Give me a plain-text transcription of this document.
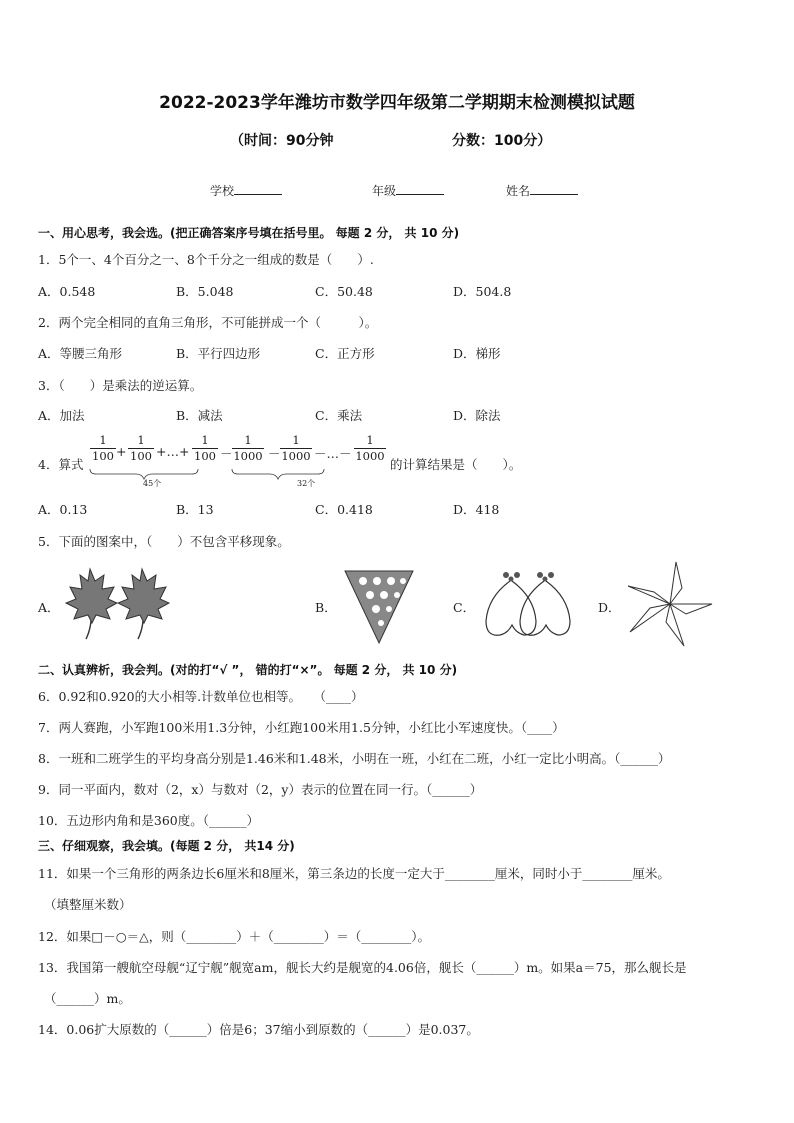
2022-2023学年潍坊市数学四年级第二学期期末检测模拟试题
（时间：90分钟	分数：100分）
学校	年级	姓名
一、用心思考，我会选。(把正确答案序号填在括号里。 每题 2 分， 共 10 分)
1．5个一、4个百分之一、8个千分之一组成的数是（　　）.
A．0.548	B．5.048	C．50.48	D．504.8
2．两个完全相同的直角三角形，不可能拼成一个（　　　）。
A．等腰三角形	B．平行四边形	C．正方形	D．梯形
3．（　　）是乘法的逆运算。
A．加法	B．减法	C．乘法	D．除法
4．算式
1
100 +
1
100 +…+
1
100 －
1
1000 －
1
1000 －…－
1
1000
的计算结果是（　　）。
45个	32个
A．0.13	B．13	C．0.418	D．418
5．下面的图案中，（　　）不包含平移现象。
A．	B．	C．	D．
二、认真辨析，我会判。(对的打“√ ”， 错的打“×”。 每题 2 分， 共 10 分)
6．0.92和0.920的大小相等.计数单位也相等。　　（____）
7．两人赛跑，小军跑100米用1.3分钟，小红跑100米用1.5分钟，小红比小军速度快。（____）
8．一班和二班学生的平均身高分别是1.46米和1.48米，小明在一班，小红在二班，小红一定比小明高。（______）
9．同一平面内，数对（2，x）与数对（2，y）表示的位置在同一行。（______）
10．五边形内角和是360度。（______）
三、仔细观察，我会填。(每题 2 分， 共14 分)
11．如果一个三角形的两条边长6厘米和8厘米，第三条边的长度一定大于________厘米，同时小于________厘米。
（填整厘米数）
12．如果□－○＝△，则（________）＋（________）＝（________）。
13．我国第一艘航空母舰“辽宁舰”舰宽am，舰长大约是舰宽的4.06倍，舰长（______）m。如果a＝75，那么舰长是
（______）m。
14．0.06扩大原数的（______）倍是6；37缩小到原数的（______）是0.037。
